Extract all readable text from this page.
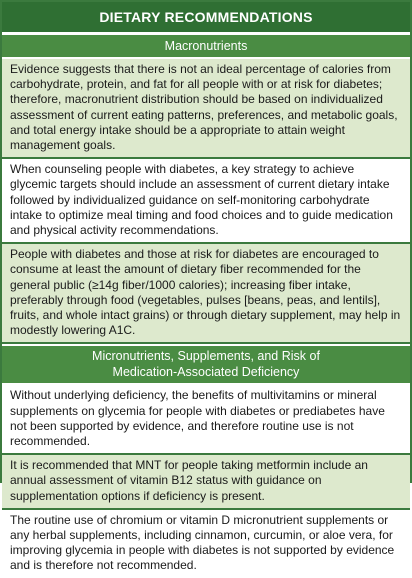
DIETARY RECOMMENDATIONS
Macronutrients
Evidence suggests that there is not an ideal percentage of calories from carbohydrate, protein, and fat for all people with or at risk for diabetes; therefore, macronutrient distribution should be based on individualized assessment of current eating patterns, preferences, and metabolic goals, and total energy intake should be a appropriate to attain weight management goals.
When counseling people with diabetes, a key strategy to achieve glycemic targets should include an assessment of current dietary intake followed by individualized guidance on self-monitoring carbohydrate intake to optimize meal timing and food choices and to guide medication and physical activity recommendations.
People with diabetes and those at risk for diabetes are encouraged to consume at least the amount of dietary fiber recommended for the general public (≥14g fiber/1000 calories); increasing fiber intake, preferably through food (vegetables, pulses [beans, peas, and lentils], fruits, and whole intact grains) or through dietary supplement, may help in modestly lowering A1C.
Micronutrients, Supplements, and Risk of
Medication-Associated Deficiency
Without underlying deficiency, the benefits of multivitamins or mineral supplements on glycemia for people with diabetes or prediabetes have not been supported by evidence, and therefore routine use is not recommended.
It is recommended that MNT for people taking metformin include an annual assessment of vitamin B12 status with guidance on supplementation options if deficiency is present.
The routine use of chromium or vitamin D micronutrient supplements or any herbal supplements, including cinnamon, curcumin, or aloe vera, for improving glycemia in people with diabetes is not supported by evidence and is therefore not recommended.
